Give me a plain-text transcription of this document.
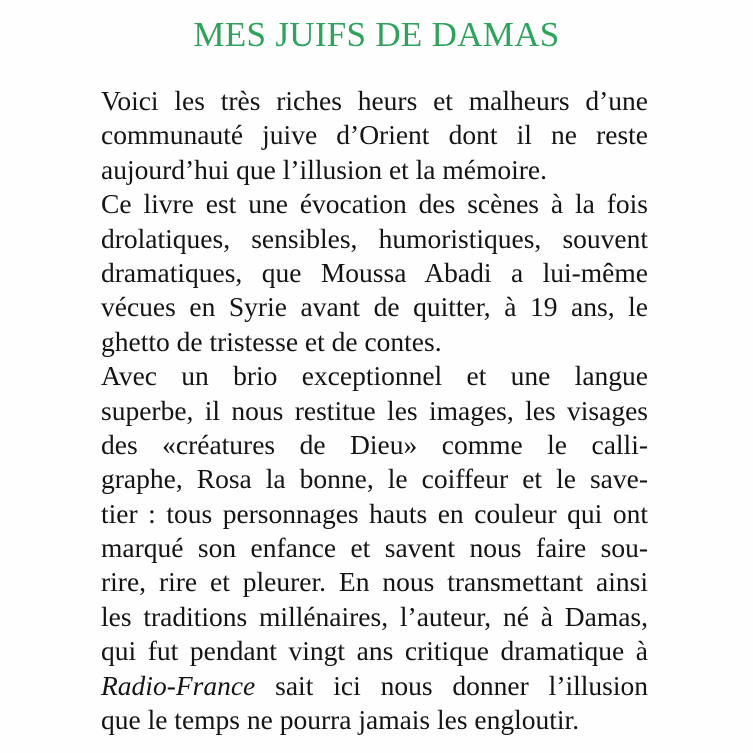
MES JUIFS DE DAMAS
Voici les très riches heurs et malheurs d’une
communauté juive d’Orient dont il ne reste
aujourd’hui que l’illusion et la mémoire.
Ce livre est une évocation des scènes à la fois
drolatiques, sensibles, humoristiques, souvent
dramatiques, que Moussa Abadi a lui-même
vécues en Syrie avant de quitter, à 19 ans, le
ghetto de tristesse et de contes.
Avec un brio exceptionnel et une langue
superbe, il nous restitue les images, les visages
des «créatures de Dieu» comme le calli-
graphe, Rosa la bonne, le coiffeur et le save-
tier : tous personnages hauts en couleur qui ont
marqué son enfance et savent nous faire sou-
rire, rire et pleurer. En nous transmettant ainsi
les traditions millénaires, l’auteur, né à Damas,
qui fut pendant vingt ans critique dramatique à
Radio-France sait ici nous donner l’illusion
que le temps ne pourra jamais les engloutir.
